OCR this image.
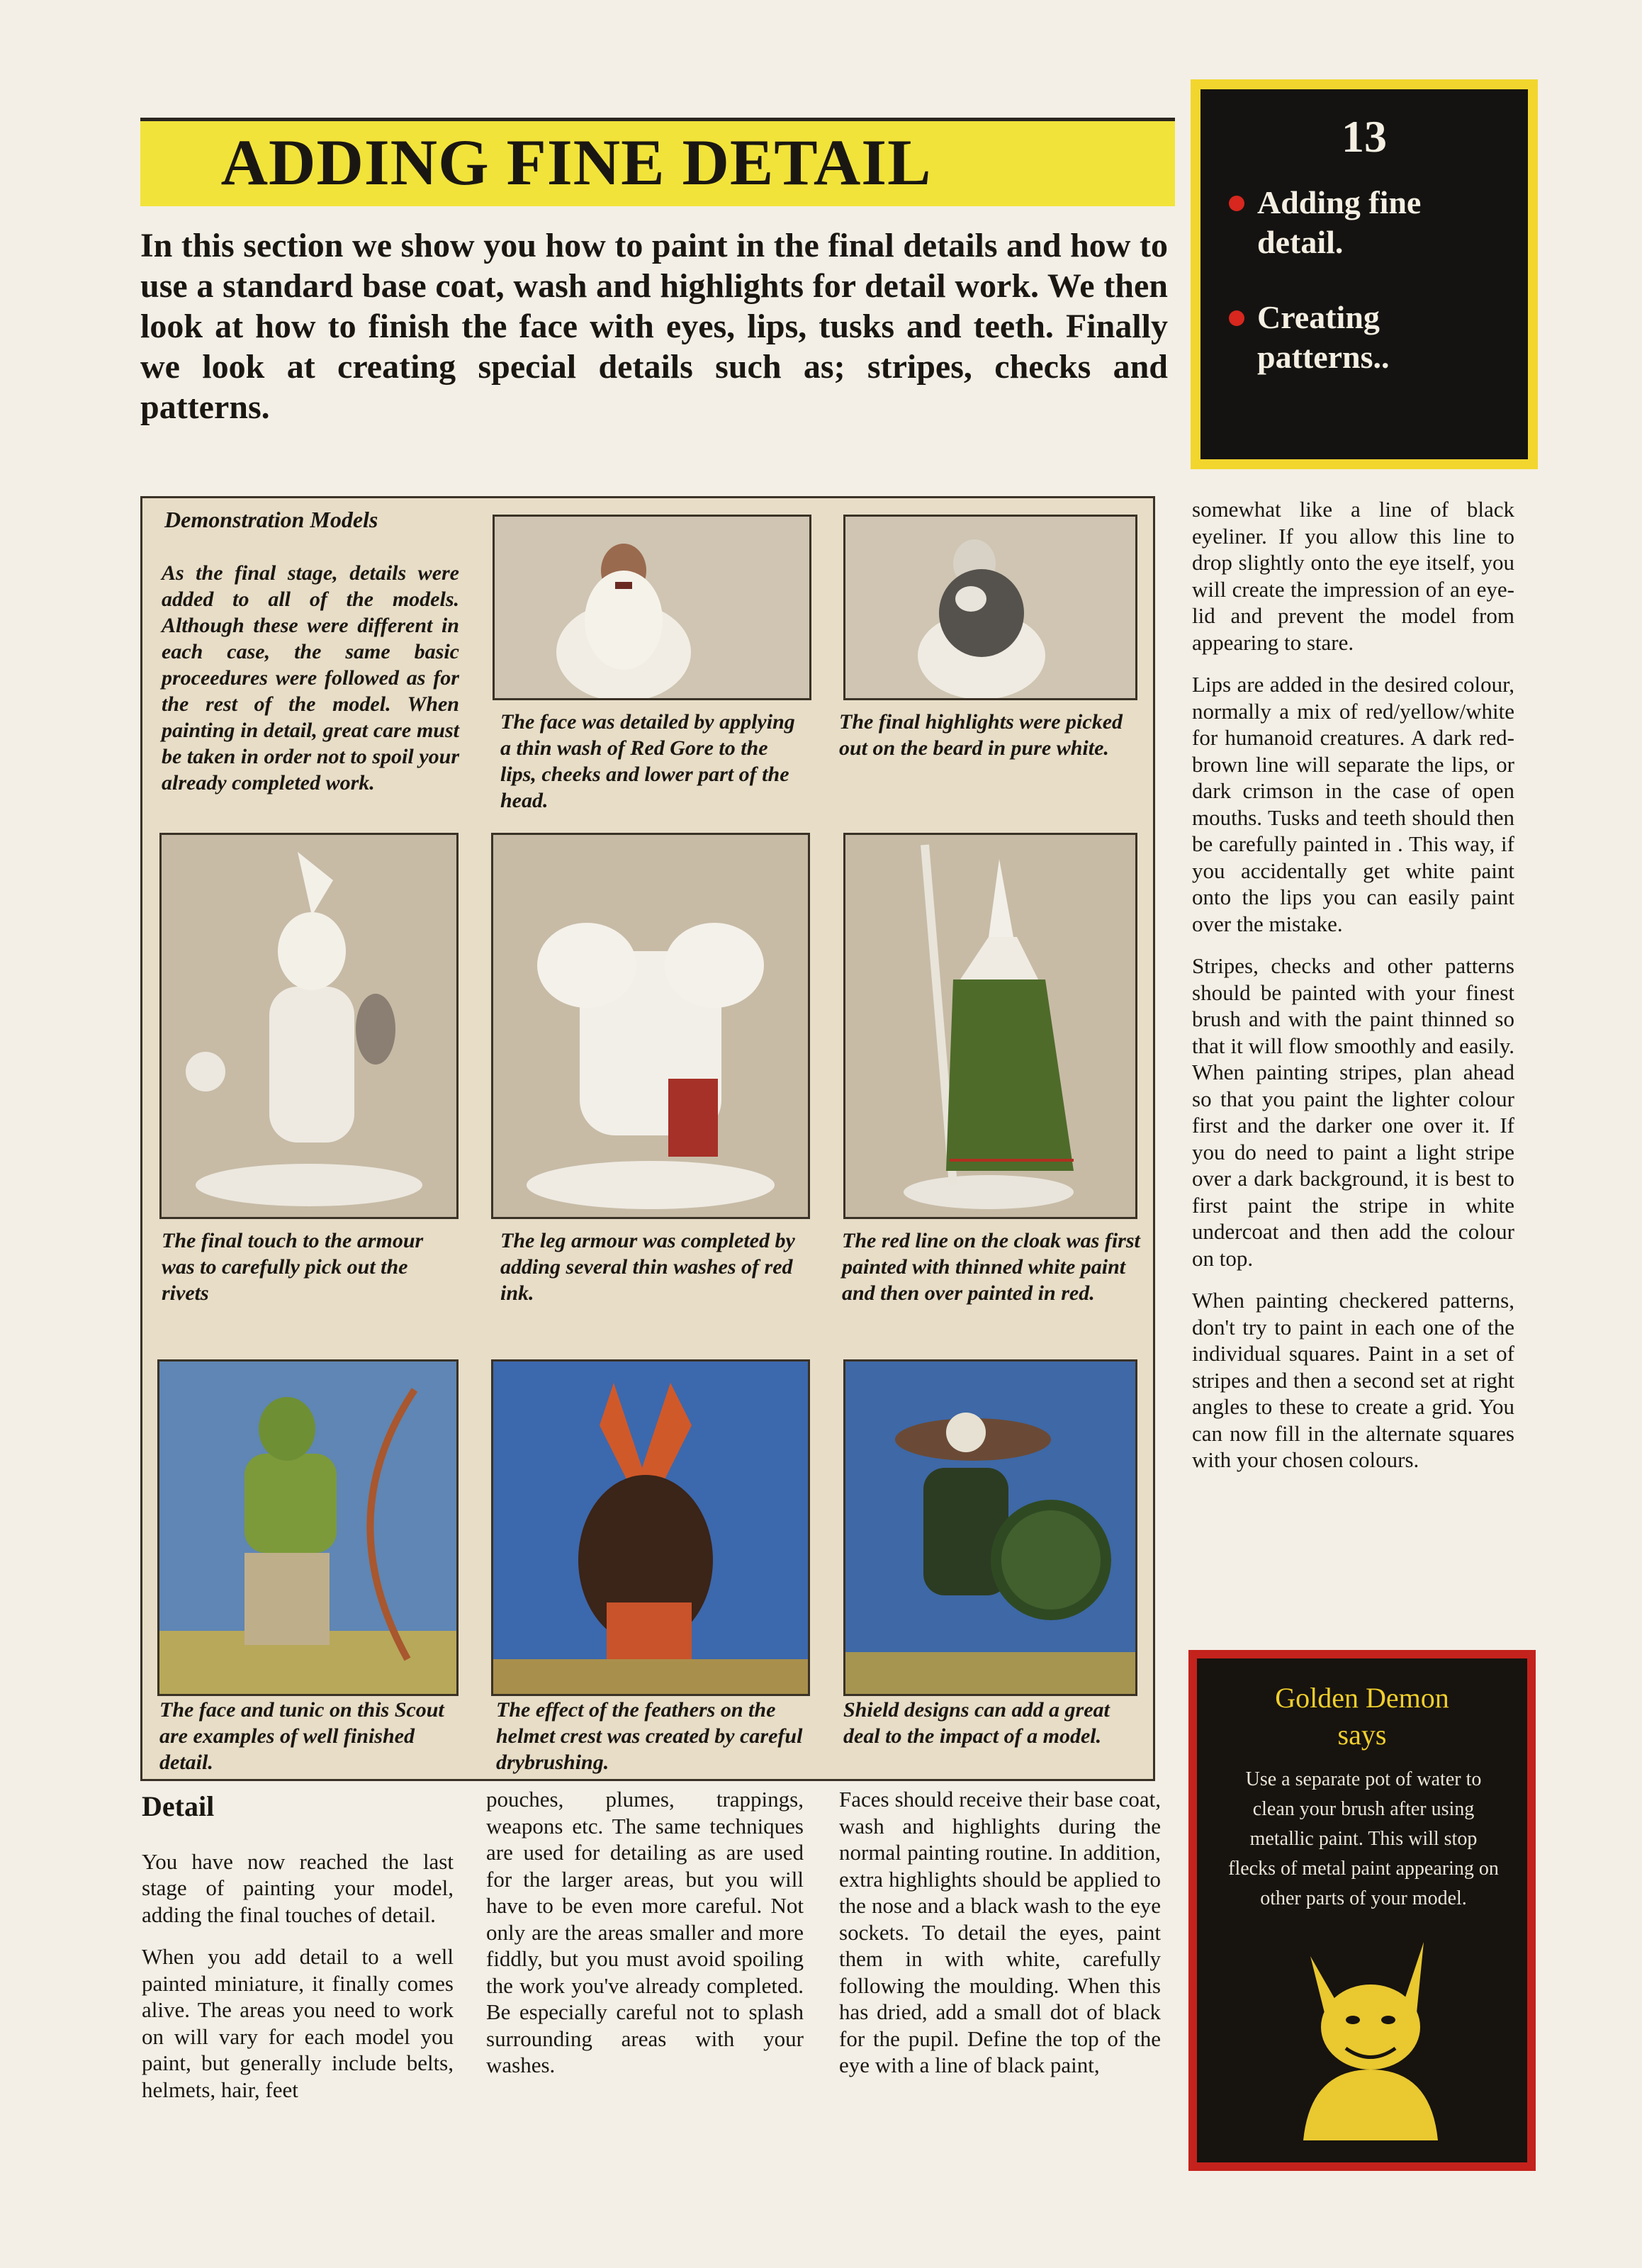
ADDING FINE DETAIL	13
Adding fine detail.
Creating patterns..
In this section we show you how to paint in the final details and how to use a standard base coat, wash and highlights for detail work. We then look at how to finish the face with eyes, lips, tusks and teeth. Finally we look at creating special details such as; stripes, checks and patterns.
Demonstration Models
As the final stage, details were added to all of the models. Although these were different in each case, the same basic proceedures were followed as for the rest of the model. When painting in detail, great care must be taken in order not to spoil your already completed work.
The face was detailed by applying a thin wash of Red Gore to the lips, cheeks and lower part of the head.
The final highlights were picked out on the beard in pure white.
The final touch to the armour was to carefully pick out the rivets
The leg armour was completed by adding several thin washes of red ink.
The red line on the cloak was first painted with thinned white paint and then over painted in red.
The face and tunic on this Scout are examples of well finished detail.
The effect of the feathers on the helmet crest was created by careful drybrushing.
Shield designs can add a great deal to the impact of a model.

somewhat like a line of black eyeliner. If you allow this line to drop slightly onto the eye itself, you will create the impression of an eye-lid and prevent the model from appearing to stare.

Lips are added in the desired colour, normally a mix of red/yellow/white for humanoid creatures. A dark red-brown line will separate the lips, or dark crimson in the case of open mouths. Tusks and teeth should then be carefully painted in . This way, if you accidentally get white paint onto the lips you can easily paint over the mistake.

Stripes, checks and other patterns should be painted with your finest brush and with the paint thinned so that it will flow smoothly and easily. When painting stripes, plan ahead so that you paint the lighter colour first and the darker one over it. If you do need to paint a light stripe over a dark background, it is best to first paint the stripe in white undercoat and then add the colour on top.

When painting checkered patterns, don't try to paint in each one of the individual squares. Paint in a set of stripes and then a second set at right angles to these to create a grid. You can now fill in the alternate squares with your chosen colours.

Golden Demon
says
Use a separate pot of water to clean your brush after using metallic paint. This will stop flecks of metal paint appearing on other parts of your model.
Detail

You have now reached the last stage of painting your model, adding the final touches of detail.

When you add detail to a well painted miniature, it finally comes alive. The areas you need to work on will vary for each model you paint, but generally include belts, helmets, hair, feet

pouches, plumes, trappings, weapons etc. The same techniques are used for detailing as are used for the larger areas, but you will have to be even more careful. Not only are the areas smaller and more fiddly, but you must avoid spoiling the work you've already completed. Be especially careful not to splash surrounding areas with your washes.

Faces should receive their base coat, wash and highlights during the normal painting routine. In addition, extra highlights should be applied to the nose and a black wash to the eye sockets. To detail the eyes, paint them in with white, carefully following the moulding. When this has dried, add a small dot of black for the pupil. Define the top of the eye with a line of black paint,
